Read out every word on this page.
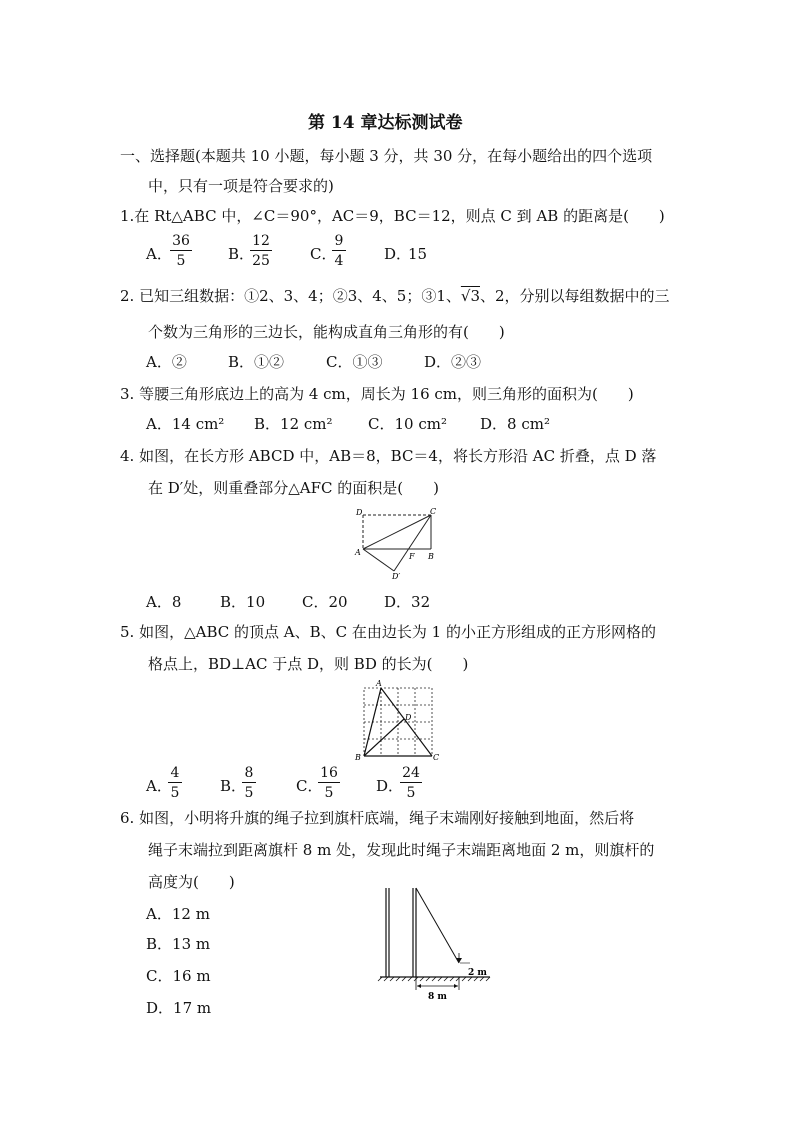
第 14 章达标测试卷
一、选择题(本题共 10 小题，每小题 3 分，共 30 分，在每小题给出的四个选项
中，只有一项是符合要求的)
1.在 Rt△ABC 中，∠C＝90°，AC＝9，BC＝12，则点 C 到 AB 的距离是(　　)
A．
36
5	B．
12
25	C．
9
4	D．
15
2. 已知三组数据：①2、3、4；②3、4、5；③1、√3、2，分别以每组数据中的三
个数为三角形的三边长，能构成直角三角形的有(　　)
A．②	B．①②	C．①③	D．②③
3. 等腰三角形底边上的高为 4 cm，周长为 16 cm，则三角形的面积为(　　)
A．14 cm² B．12 cm² C．10 cm² D．8 cm²
4. 如图，在长方形 ABCD 中，AB＝8，BC＝4，将长方形沿 AC 折叠，点 D 落
在 D′处，则重叠部分△AFC 的面积是(　　)
D	C
A	F B
D′
A．8	B．10 C．20 D．32
5. 如图，△ABC 的顶点 A、B、C 在由边长为 1 的小正方形组成的正方形网格的
格点上，BD⊥AC 于点 D，则 BD 的长为(　　)
A
D
B	C
A．
4
5	B．
8
5	C．
16
5	D．
24
5
6. 如图，小明将升旗的绳子拉到旗杆底端，绳子末端刚好接触到地面，然后将
绳子末端拉到距离旗杆 8 m 处，发现此时绳子末端距离地面 2 m，则旗杆的
高度为(　　)
A．12 m
B．13 m
C．16 m
D．17 m
2 m
8 m
